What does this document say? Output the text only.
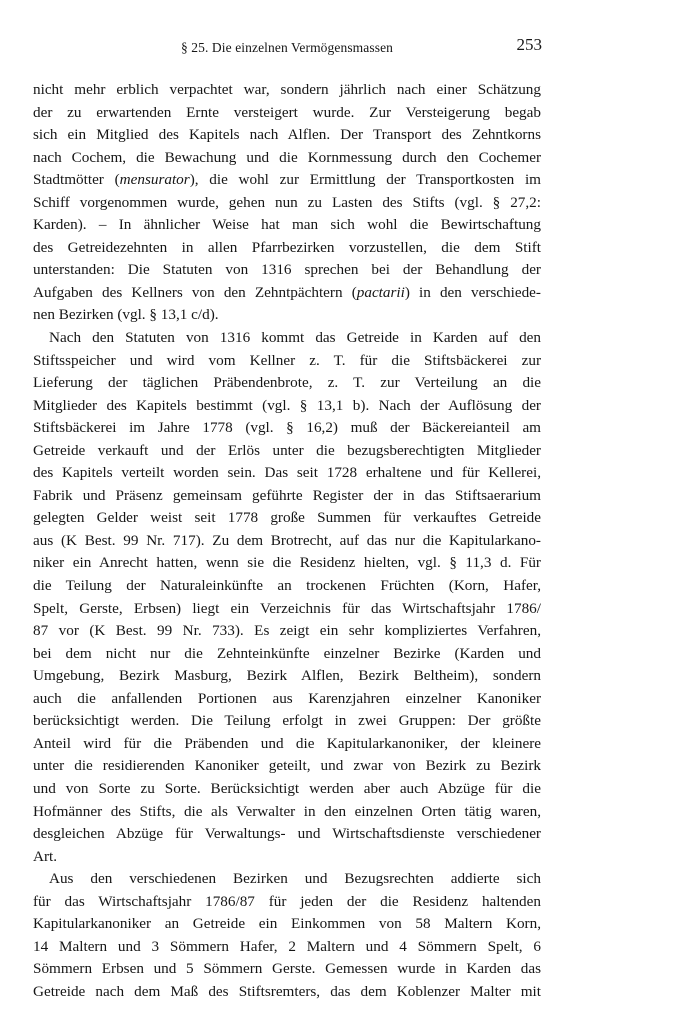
§ 25. Die einzelnen Vermögensmassen	253
nicht mehr erblich verpachtet war, sondern jährlich nach einer Schätzung
der zu erwartenden Ernte versteigert wurde. Zur Versteigerung begab
sich ein Mitglied des Kapitels nach Alflen. Der Transport des Zehntkorns
nach Cochem, die Bewachung und die Kornmessung durch den Cochemer
Stadtmötter (mensurator), die wohl zur Ermittlung der Transportkosten im
Schiff vorgenommen wurde, gehen nun zu Lasten des Stifts (vgl. § 27,2:
Karden). – In ähnlicher Weise hat man sich wohl die Bewirtschaftung
des Getreidezehnten in allen Pfarrbezirken vorzustellen, die dem Stift
unterstanden: Die Statuten von 1316 sprechen bei der Behandlung der
Aufgaben des Kellners von den Zehntpächtern (pactarii) in den verschiede-
nen Bezirken (vgl. § 13,1 c/d).
Nach den Statuten von 1316 kommt das Getreide in Karden auf den
Stiftsspeicher und wird vom Kellner z. T. für die Stiftsbäckerei zur
Lieferung der täglichen Präbendenbrote, z. T. zur Verteilung an die
Mitglieder des Kapitels bestimmt (vgl. § 13,1 b). Nach der Auflösung der
Stiftsbäckerei im Jahre 1778 (vgl. § 16,2) muß der Bäckereianteil am
Getreide verkauft und der Erlös unter die bezugsberechtigten Mitglieder
des Kapitels verteilt worden sein. Das seit 1728 erhaltene und für Kellerei,
Fabrik und Präsenz gemeinsam geführte Register der in das Stiftsaerarium
gelegten Gelder weist seit 1778 große Summen für verkauftes Getreide
aus (K Best. 99 Nr. 717). Zu dem Brotrecht, auf das nur die Kapitularkano-
niker ein Anrecht hatten, wenn sie die Residenz hielten, vgl. § 11,3 d. Für
die Teilung der Naturaleinkünfte an trockenen Früchten (Korn, Hafer,
Spelt, Gerste, Erbsen) liegt ein Verzeichnis für das Wirtschaftsjahr 1786/
87 vor (K Best. 99 Nr. 733). Es zeigt ein sehr kompliziertes Verfahren,
bei dem nicht nur die Zehnteinkünfte einzelner Bezirke (Karden und
Umgebung, Bezirk Masburg, Bezirk Alflen, Bezirk Beltheim), sondern
auch die anfallenden Portionen aus Karenzjahren einzelner Kanoniker
berücksichtigt werden. Die Teilung erfolgt in zwei Gruppen: Der größte
Anteil wird für die Präbenden und die Kapitularkanoniker, der kleinere
unter die residierenden Kanoniker geteilt, und zwar von Bezirk zu Bezirk
und von Sorte zu Sorte. Berücksichtigt werden aber auch Abzüge für die
Hofmänner des Stifts, die als Verwalter in den einzelnen Orten tätig waren,
desgleichen Abzüge für Verwaltungs- und Wirtschaftsdienste verschiedener
Art.
Aus den verschiedenen Bezirken und Bezugsrechten addierte sich
für das Wirtschaftsjahr 1786/87 für jeden der die Residenz haltenden
Kapitularkanoniker an Getreide ein Einkommen von 58 Maltern Korn,
14 Maltern und 3 Sömmern Hafer, 2 Maltern und 4 Sömmern Spelt, 6
Sömmern Erbsen und 5 Sömmern Gerste. Gemessen wurde in Karden das
Getreide nach dem Maß des Stiftsremters, das dem Koblenzer Malter mit
